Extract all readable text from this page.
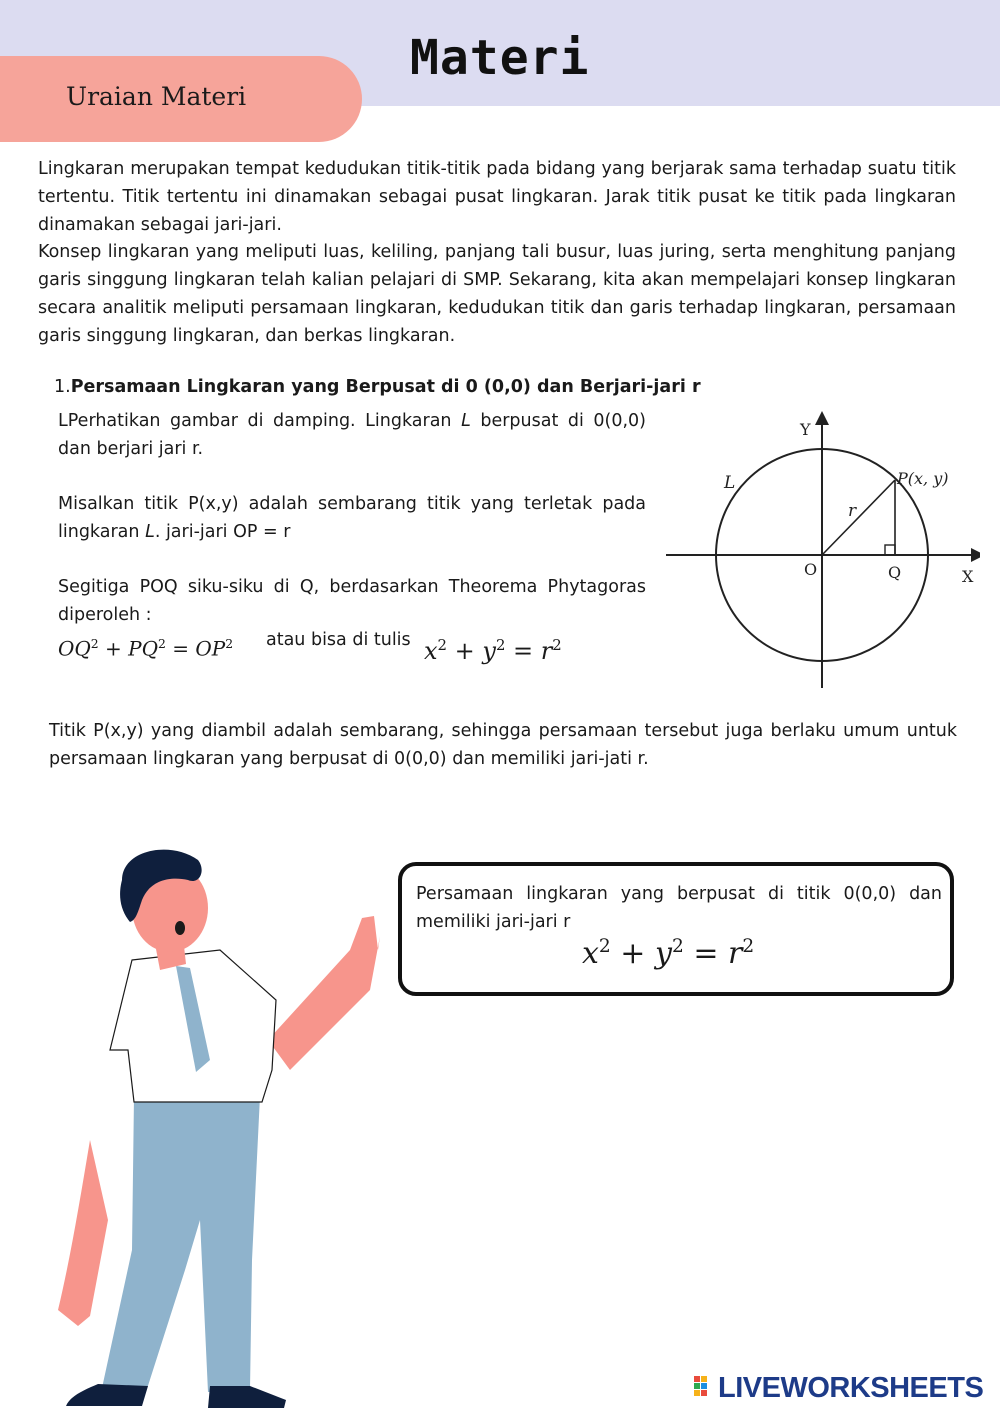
Materi
Uraian Materi

Lingkaran merupakan tempat kedudukan titik-titik pada bidang yang berjarak sama terhadap suatu titik tertentu. Titik tertentu ini dinamakan sebagai pusat lingkaran. Jarak titik pusat ke titik pada lingkaran dinamakan sebagai jari-jari.

Konsep lingkaran yang meliputi luas, keliling, panjang tali busur, luas juring, serta menghitung panjang garis singgung lingkaran telah kalian pelajari di SMP. Sekarang, kita akan mempelajari konsep lingkaran secara analitik meliputi persamaan lingkaran, kedudukan titik dan garis terhadap lingkaran, persamaan garis singgung lingkaran, dan berkas lingkaran.

1.Persamaan Lingkaran yang Berpusat di 0 (0,0) dan Berjari-jari r

LPerhatikan gambar di damping. Lingkaran L berpusat di 0(0,0) dan berjari jari r.

Misalkan titik P(x,y) adalah sembarang titik yang terletak pada lingkaran L. jari-jari OP = r

Segitiga POQ siku-siku di Q, berdasarkan Theorema Phytagoras diperoleh :

$OQ^2 + PQ^2 = OP^2$ atau bisa di tulis $x^2 + y^2 = r^2$
Y
X
O	Q
P(x, y)
L
r

Titik P(x,y) yang diambil adalah sembarang, sehingga persamaan tersebut juga berlaku umum untuk persamaan lingkaran yang berpusat di 0(0,0) dan memiliki jari-jati r.

Persamaan lingkaran yang berpusat di titik 0(0,0) dan memiliki jari-jari r

$x^2 + y^2 = r^2$
LIVEWORKSHEETS
